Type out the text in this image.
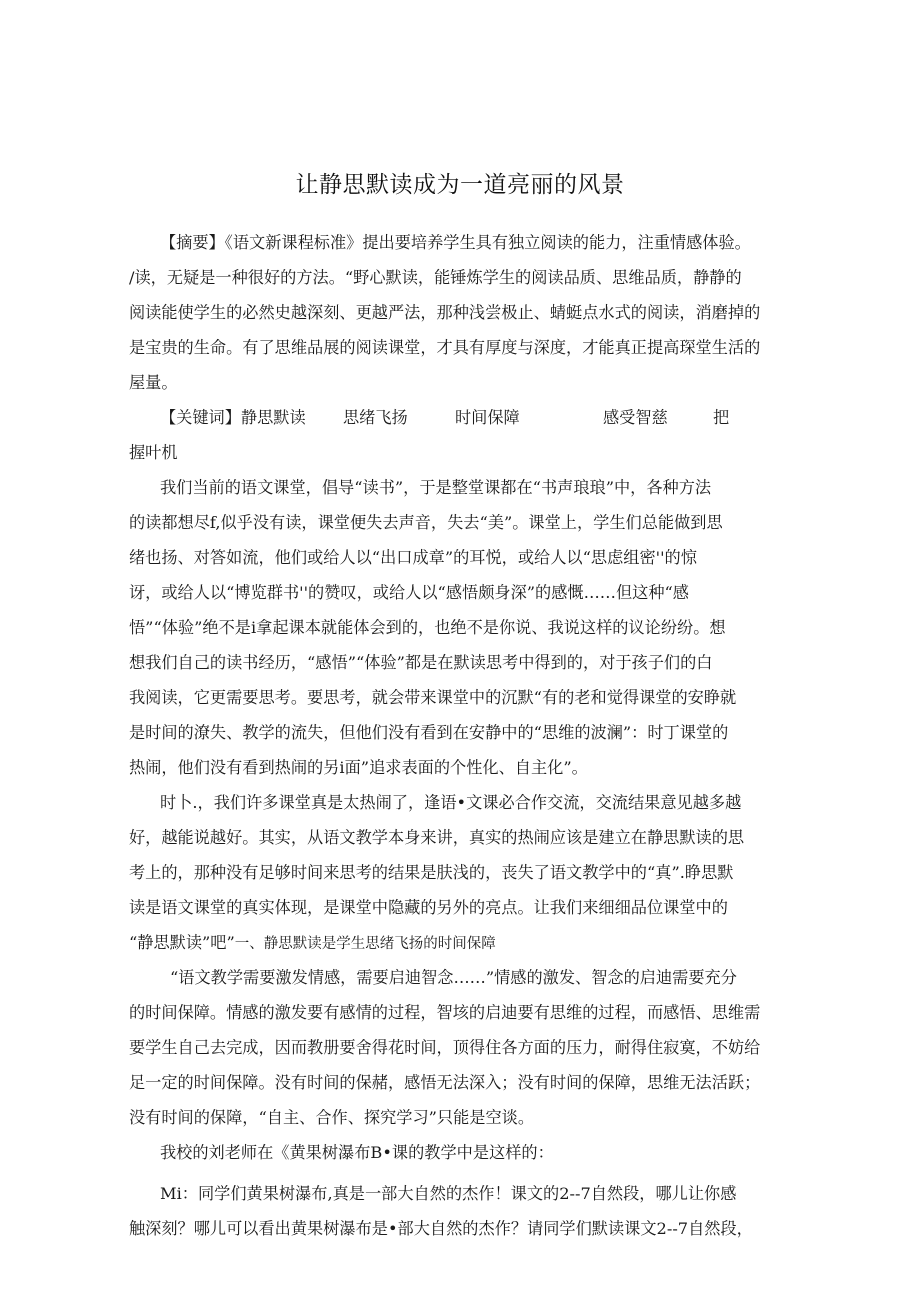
让静思默读成为一道亮丽的风景
【摘要】《语文新课程标准》提出要培养学生具有独立阅读的能力，注重情感体验。
/读，无疑是一种很好的方法。“野心默读，能锤炼学生的阅读品质、思维品质，静静的
阅读能使学生的必然史越深刻、更越严法，那种浅尝极止、蜻蜓点水式的阅读，消磨掉的
是宝贵的生命。有了思维品展的阅读课堂，才具有厚度与深度，才能真正提高琛堂生活的
屋量。
【关键词】静思默读 思绪飞扬	时间保障	感受智慈	把
握叶机
我们当前的语文课堂，倡导“读书”，于是整堂课都在“书声琅琅”中，各种方法
的读都想尽f,似乎没有读，课堂便失去声音，失去“美”。课堂上，学生们总能做到思
绪也扬、对答如流，他们或给人以“出口成章”的耳悦，或给人以“思虑组密''的惊
讶，或给人以“博览群书''的赞叹，或给人以“感悟颇身深”的感慨……但这种“感
悟”“体验”绝不是i拿起课本就能体会到的，也绝不是你说、我说这样的议论纷纷。想
想我们自己的读书经历，“感悟”“体验”都是在默读思考中得到的，对于孩子们的白
我阅读，它更需要思考。要思考，就会带来课堂中的沉默“有的老和觉得课堂的安睁就
是时间的潦失、教学的流失，但他们没有看到在安静中的“思维的波澜”：时丁课堂的
热闹，他们没有看到热闹的另i面”追求表面的个性化、自主化”。
时卜.，我们许多课堂真是太热闹了，逢语•文课必合作交流，交流结果意见越多越
好，越能说越好。其实，从语文教学本身来讲，真实的热闹应该是建立在静思默读的思
考上的，那种没有足够时间来思考的结果是肤浅的，丧失了语文教学中的“真”.睁思默
读是语文课堂的真实体现，是课堂中隐藏的另外的亮点。让我们来细细品位课堂中的
“静思默读”吧”一、静思默读是学生思绪飞扬的时间保障
“语文教学需要激发情感，需要启迪智念……”情感的激发、智念的启迪需要充分
的时间保障。情感的激发要有感情的过程，智垓的启迪要有思维的过程，而感悟、思维需
要学生自己去完成，因而教册要舍得花时间，顶得住各方面的压力，耐得住寂寞，不妨给
足一定的时间保障。没有时间的保赭，感悟无法深入；没有时间的保障，思维无法活跃；
没有时间的保障，“自主、合作、探究学习”只能是空谈。
我校的刘老师在《黄果树瀑布B•课的教学中是这样的：
Mi：同学们黄果树瀑布,真是一部大自然的杰作！课文的2--7自然段，哪儿让你感
触深刻？哪儿可以看出黄果树瀑布是•部大自然的杰作？请同学们默读课文2--7自然段，
